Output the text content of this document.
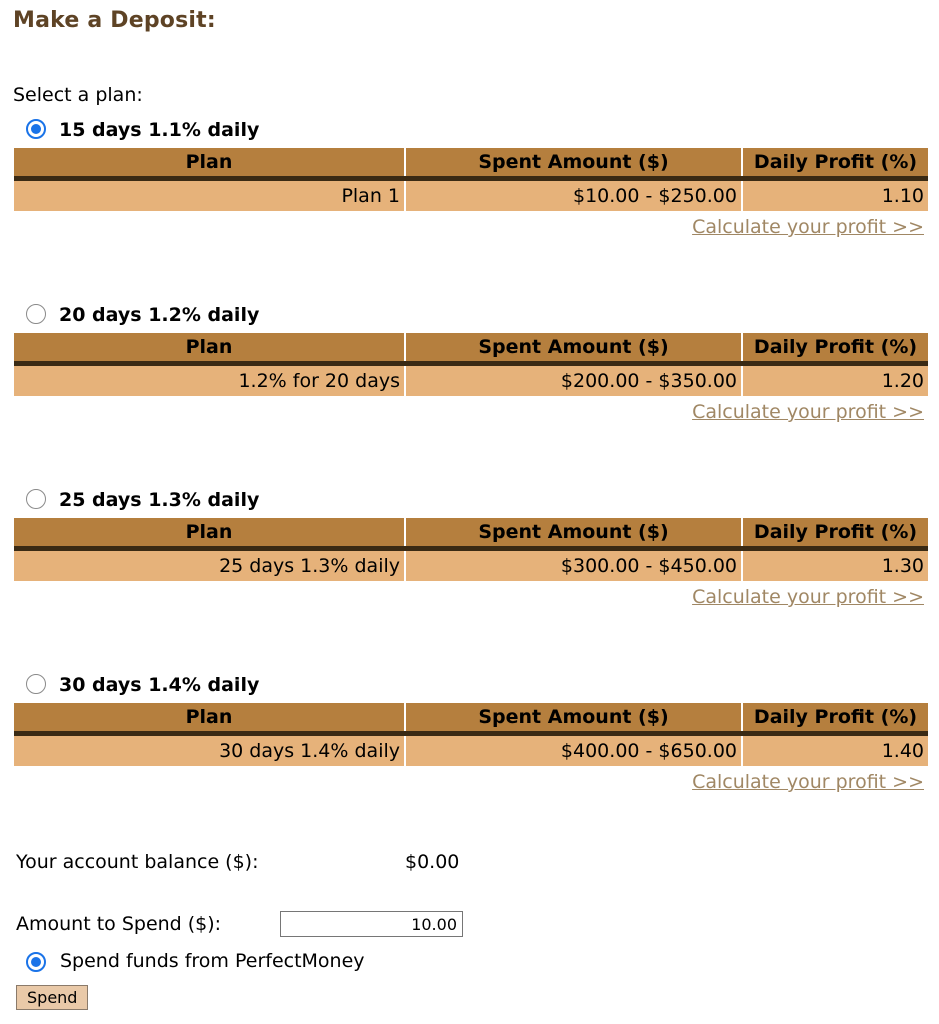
Make a Deposit:
Select a plan:
15 days 1.1% daily
Plan	Spent Amount ($)	Daily Profit (%)
Plan 1	$10.00 - $250.00	1.10
Calculate your profit >>
20 days 1.2% daily
Plan	Spent Amount ($)	Daily Profit (%)
1.2% for 20 days	$200.00 - $350.00	1.20
Calculate your profit >>
25 days 1.3% daily
Plan	Spent Amount ($)	Daily Profit (%)
25 days 1.3% daily	$300.00 - $450.00	1.30
Calculate your profit >>
30 days 1.4% daily
Plan	Spent Amount ($)	Daily Profit (%)
30 days 1.4% daily	$400.00 - $650.00	1.40
Calculate your profit >>
Your account balance ($):	$0.00
Amount to Spend ($):
10.00
Spend funds from PerfectMoney
Spend
